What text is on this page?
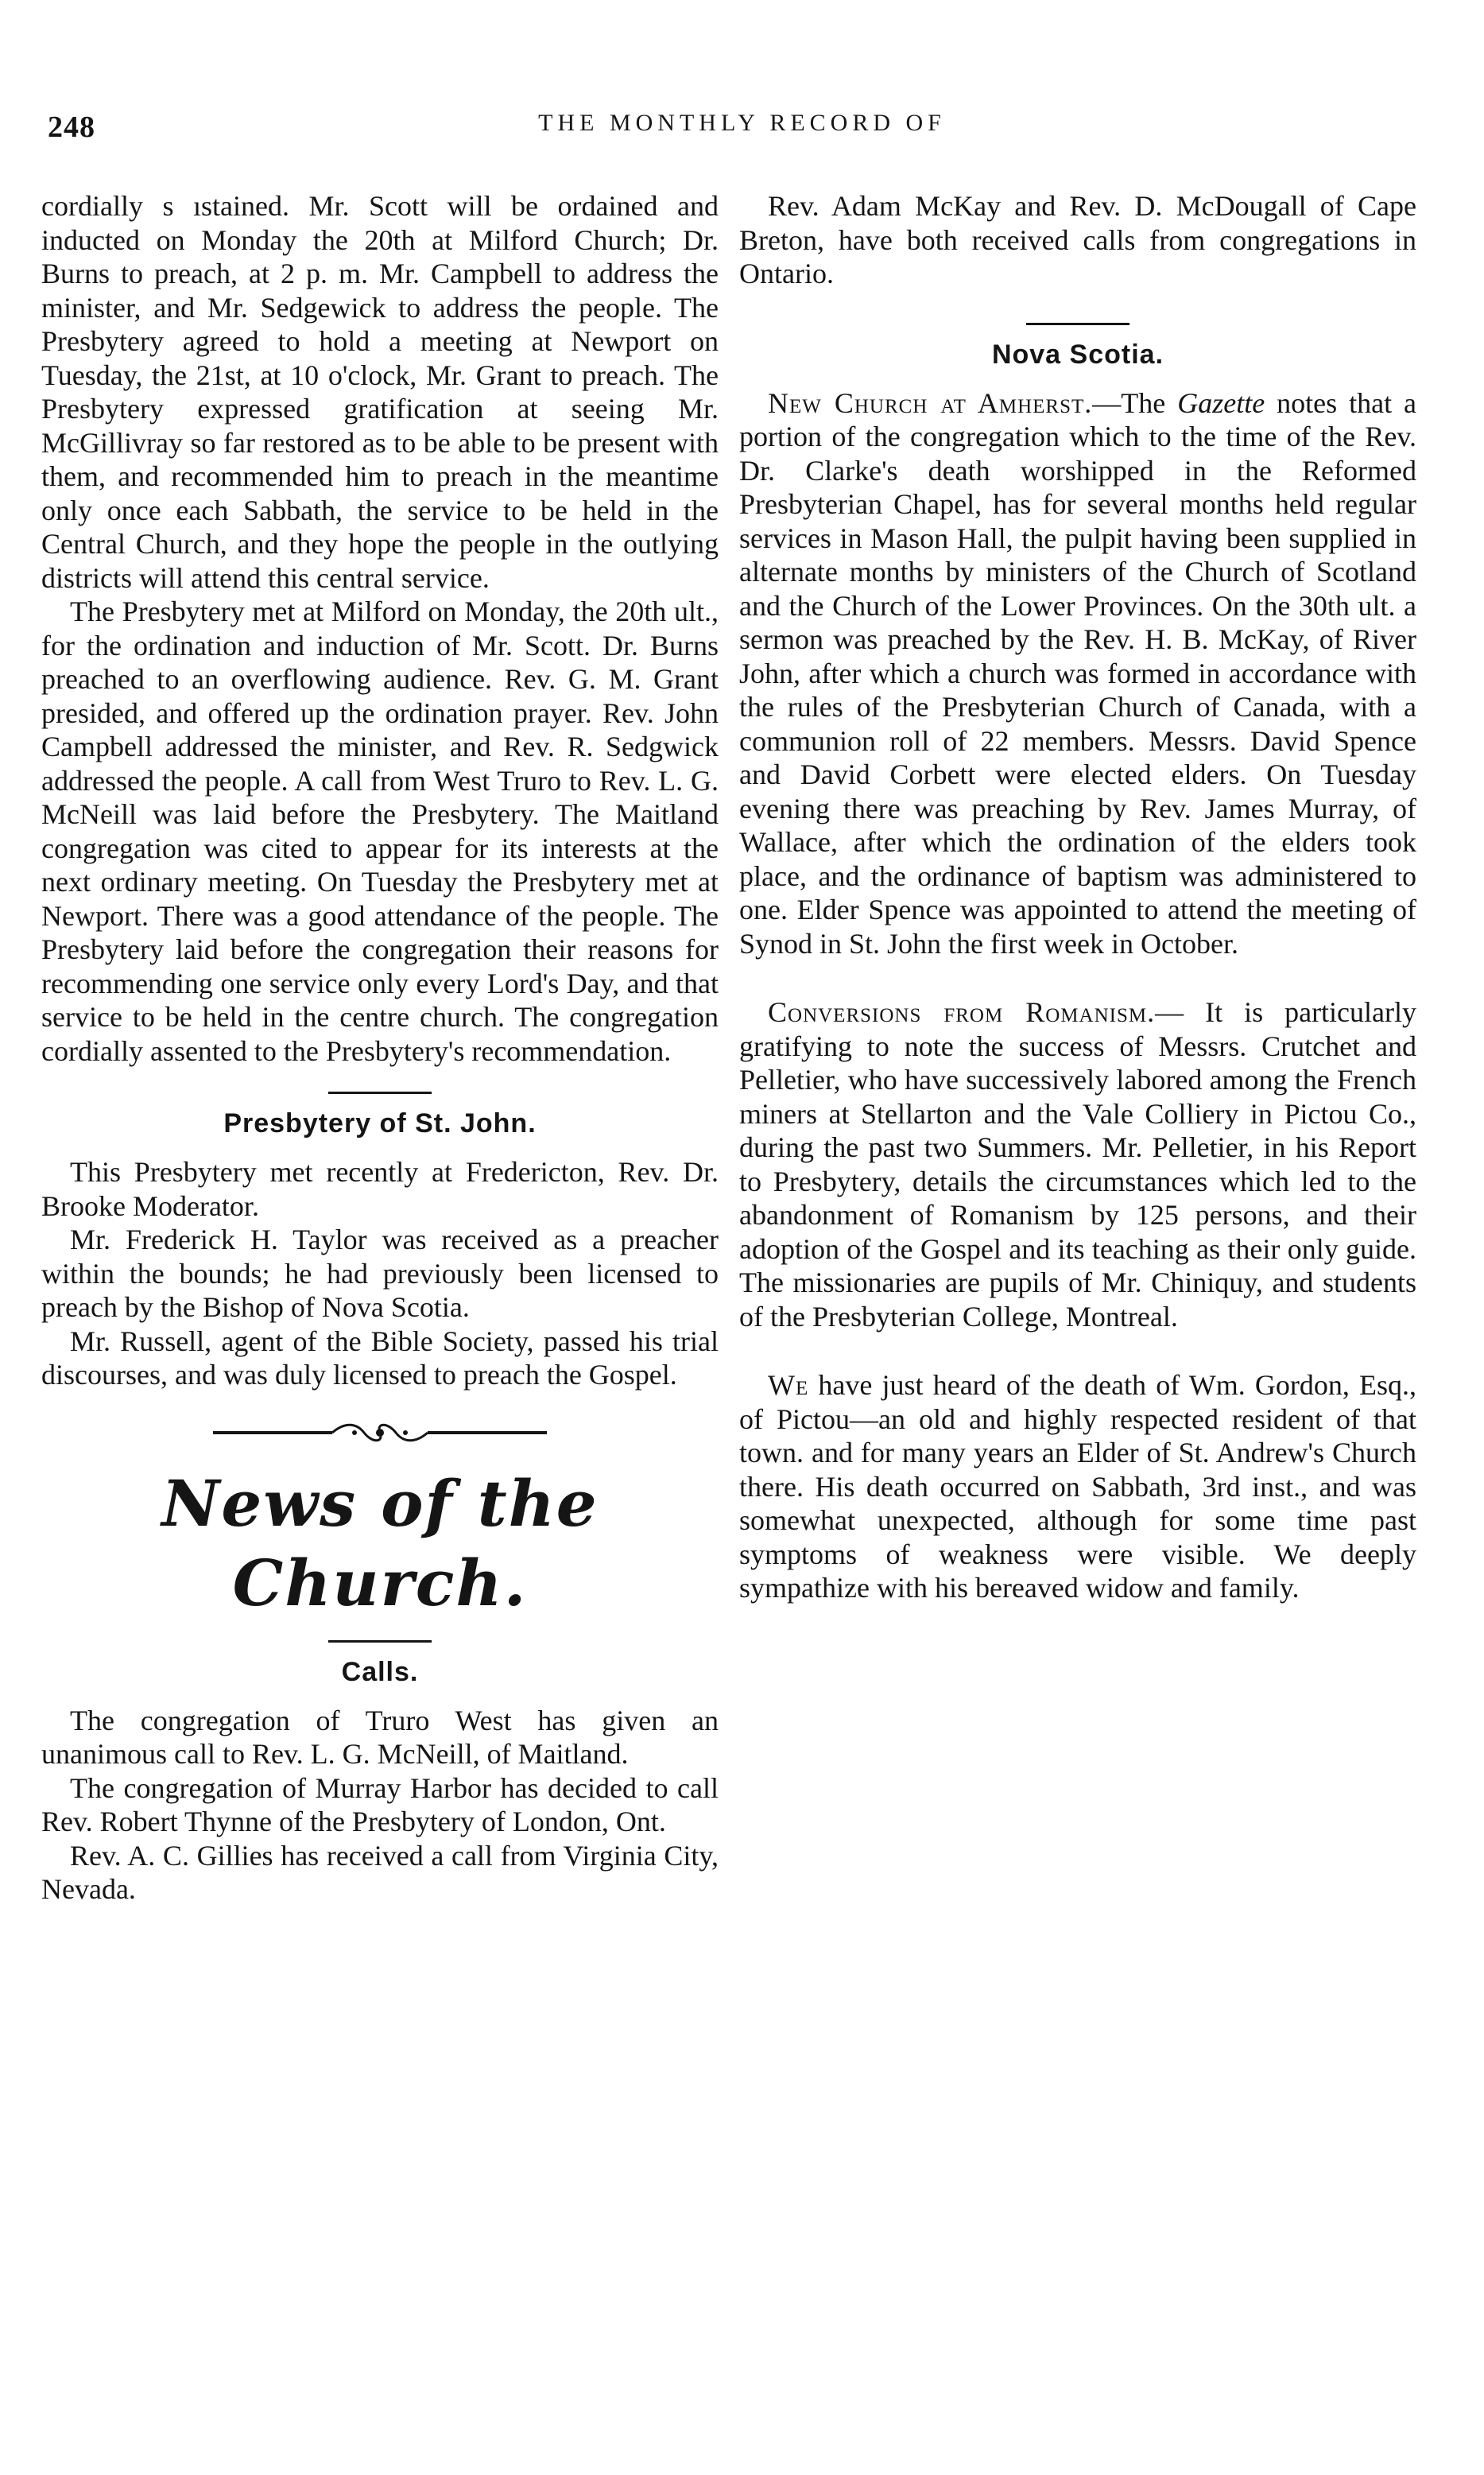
248	THE MONTHLY RECORD OF

cordially s ıstained. Mr. Scott will be ordained and inducted on Monday the 20th at Milford Church; Dr. Burns to preach, at 2 p. m. Mr. Campbell to address the minister, and Mr. Sedgewick to address the people. The Presbytery agreed to hold a meeting at Newport on Tuesday, the 21st, at 10 o'clock, Mr. Grant to preach. The Presbytery expressed gratification at seeing Mr. McGillivray so far restored as to be able to be present with them, and recommended him to preach in the meantime only once each Sabbath, the service to be held in the Central Church, and they hope the people in the outlying districts will attend this central service.

The Presbytery met at Milford on Monday, the 20th ult., for the ordination and induction of Mr. Scott. Dr. Burns preached to an overflowing audience. Rev. G. M. Grant presided, and offered up the ordination prayer. Rev. John Campbell addressed the minister, and Rev. R. Sedgwick addressed the people. A call from West Truro to Rev. L. G. McNeill was laid before the Presbytery. The Maitland congregation was cited to appear for its interests at the next ordinary meeting. On Tuesday the Presbytery met at Newport. There was a good attendance of the people. The Presbytery laid before the congregation their reasons for recommending one service only every Lord's Day, and that service to be held in the centre church. The congregation cordially assented to the Presbytery's recommendation.

Presbytery of St. John.

This Presbytery met recently at Fredericton, Rev. Dr. Brooke Moderator.

Mr. Frederick H. Taylor was received as a preacher within the bounds; he had previously been licensed to preach by the Bishop of Nova Scotia.

Mr. Russell, agent of the Bible Society, passed his trial discourses, and was duly licensed to preach the Gospel.

News of the Church.
Calls.

The congregation of Truro West has given an unanimous call to Rev. L. G. McNeill, of Maitland.

The congregation of Murray Harbor has decided to call Rev. Robert Thynne of the Presbytery of London, Ont.

Rev. A. C. Gillies has received a call from Virginia City, Nevada.

Rev. Adam McKay and Rev. D. McDougall of Cape Breton, have both received calls from congregations in Ontario.

Nova Scotia.

New Church at Amherst.—The Gazette notes that a portion of the congregation which to the time of the Rev. Dr. Clarke's death worshipped in the Reformed Presbyterian Chapel, has for several months held regular services in Mason Hall, the pulpit having been supplied in alternate months by ministers of the Church of Scotland and the Church of the Lower Provinces. On the 30th ult. a sermon was preached by the Rev. H. B. McKay, of River John, after which a church was formed in accordance with the rules of the Presbyterian Church of Canada, with a communion roll of 22 members. Messrs. David Spence and David Corbett were elected elders. On Tuesday evening there was preaching by Rev. James Murray, of Wallace, after which the ordination of the elders took place, and the ordinance of baptism was administered to one. Elder Spence was appointed to attend the meeting of Synod in St. John the first week in October.

Conversions from Romanism.— It is particularly gratifying to note the success of Messrs. Crutchet and Pelletier, who have successively labored among the French miners at Stellarton and the Vale Colliery in Pictou Co., during the past two Summers. Mr. Pelletier, in his Report to Presbytery, details the circumstances which led to the abandonment of Romanism by 125 persons, and their adoption of the Gospel and its teaching as their only guide. The missionaries are pupils of Mr. Chiniquy, and students of the Presbyterian College, Montreal.

We have just heard of the death of Wm. Gordon, Esq., of Pictou—an old and highly respected resident of that town. and for many years an Elder of St. Andrew's Church there. His death occurred on Sabbath, 3rd inst., and was somewhat unexpected, although for some time past symptoms of weakness were visible. We deeply sympathize with his bereaved widow and family.
